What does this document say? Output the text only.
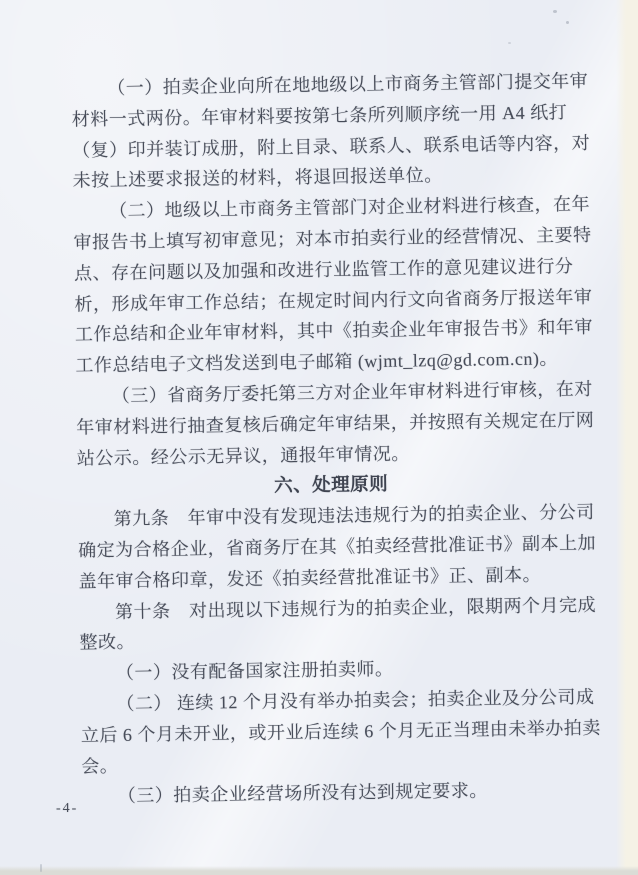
（一）拍卖企业向所在地地级以上市商务主管部门提交年审
材料一式两份。年审材料要按第七条所列顺序统一用 A4 纸打
（复）印并装订成册，附上目录、联系人、联系电话等内容，对
未按上述要求报送的材料，将退回报送单位。
（二）地级以上市商务主管部门对企业材料进行核查，在年
审报告书上填写初审意见；对本市拍卖行业的经营情况、主要特
点、存在问题以及加强和改进行业监管工作的意见建议进行分
析，形成年审工作总结；在规定时间内行文向省商务厅报送年审
工作总结和企业年审材料，其中《拍卖企业年审报告书》和年审
工作总结电子文档发送到电子邮箱 (wjmt_lzq@gd.com.cn)。
（三）省商务厅委托第三方对企业年审材料进行审核，在对
年审材料进行抽查复核后确定年审结果，并按照有关规定在厅网
站公示。经公示无异议，通报年审情况。
六、处理原则
第九条　年审中没有发现违法违规行为的拍卖企业、分公司
确定为合格企业，省商务厅在其《拍卖经营批准证书》副本上加
盖年审合格印章，发还《拍卖经营批准证书》正、副本。
第十条　对出现以下违规行为的拍卖企业，限期两个月完成
整改。
（一）没有配备国家注册拍卖师。
（二） 连续 12 个月没有举办拍卖会；拍卖企业及分公司成
立后 6 个月未开业，或开业后连续 6 个月无正当理由未举办拍卖
会。
（三）拍卖企业经营场所没有达到规定要求。
-4-
